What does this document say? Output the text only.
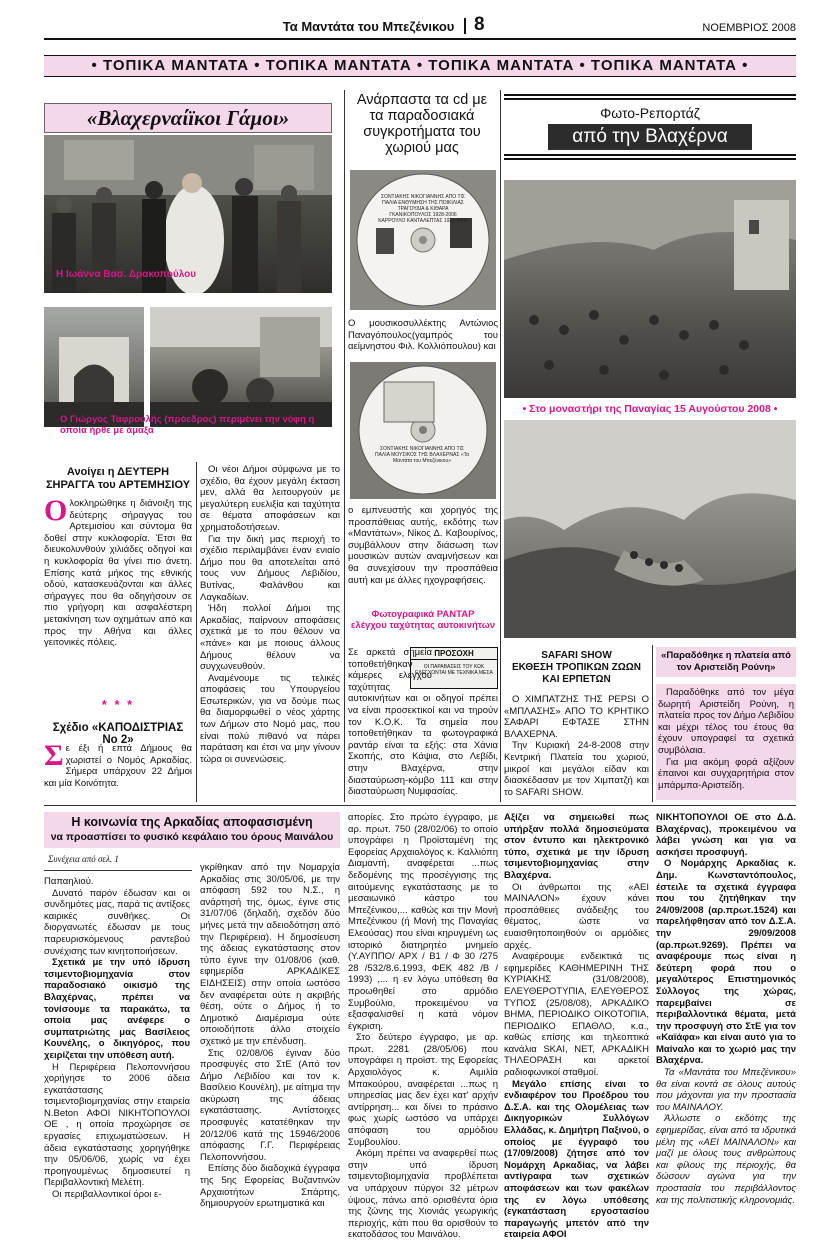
Τα Μαντάτα του Μπεζένικου	8	ΝΟΕΜΒΡΙΟΣ 2008
• ΤΟΠΙΚΑ ΜΑΝΤΑΤΑ • ΤΟΠΙΚΑ ΜΑΝΤΑΤΑ • ΤΟΠΙΚΑ ΜΑΝΤΑΤΑ • ΤΟΠΙΚΑ ΜΑΝΤΑΤΑ •
«Βλαχερναίϊκοι Γάμοι»
Η Ιωάννα Βασ. Δρακοπούλου
Ο Γιώργος Ταφρουλής (πρόεδρος) περιμένει την νύφη η οποία ήρθε με άμαξα
Ανάρπαστα τα cd με τα παραδοσιακά συγκροτήματα του χωριού μας
ΣΟΝΤΙΑΚΗΣ ΝΙΚΟΓΙΑΝΝΗΣ ΑΠΟ ΤΙΣ ΠΑΛΙΑ ΕΝΘΥΜΗΣΗ ΤΗΣ ΠΟΙΚΙΛΙΑΣ ΤΡΑΓΟΥΔΙΑ & ΚΙΘΑΡΑ ΓΚΑΝΙΚΟΠΟΥΛΟΣ 1928-2006 ΚΑΡΡΟΥΛΟ ΚΑΝΤΑΛΕΠΤΑΣ 1931-2006
Ο μουσικοσυλλέκτης Αντώνιος Παναγόπουλος(γαμπρός του αείμνηστου Φιλ. Κολλιόπουλου) και
ΣΟΝΤΙΑΚΗΣ ΝΙΚΟΓΙΑΝΝΗΣ ΑΠΟ ΤΙΣ ΠΑΛΙΑ ΜΟΥΣΙΚΟΣ ΤΗΣ ΒΛΑΧΕΡΝΑΣ «Τα Μαντάτα του Μπεζένικου»
ο εμπνευστής και χορηγός της προσπάθειας αυτής, εκδότης των «Μαντάτων», Νίκος Δ. Καβουρίνος, συμβάλλουν στην διάσωση των μουσικών αυτών αναμνήσεων και θα συνεχίσουν την προσπάθεια αυτή και με άλλες ηχογραφήσεις.
Φωτο-Ρεπορτάζ
από την Βλαχέρνα
• Στο μοναστήρι της Παναγίας 15 Αυγούστου 2008 •
Ανοίγει η ΔΕΥΤΕΡΗ
ΣΗΡΑΓΓΑ του ΑΡΤΕΜΗΣΙΟΥ
Ολοκληρώθηκε η διάνοιξη της δεύτερης σήραγγας του Αρτεμισίου και σύντομα θα δοθεί στην κυκλοφορία. Έτσι θα διευκολυνθούν χιλιάδες οδηγοί και η κυκλοφορία θα γίνει πιο άνετη. Επίσης κατά μήκος της εθνικής οδού, κατασκευάζονται και άλλες σήραγγες που θα οδηγήσουν σε πιο γρήγορη και ασφαλέστερη μετακίνηση των οχημάτων από και προς την Αθήνα και άλλες γειτονικές πόλεις.
* * *
Σχέδιο «ΚΑΠΟΔΙΣΤΡΙΑΣ Νο 2»
Σε έξι ή επτά Δήμους θα χωριστεί ο Νομός Αρκαδίας. Σήμερα υπάρχουν 22 Δήμοι και μία Κοινότητα.

Οι νέοι Δήμοι σύμφωνα με το σχέδιο, θα έχουν μεγάλη έκταση μεν, αλλά θα λειτουργούν με μεγαλύτερη ευελιξία και ταχύτητα σε θέματα αποφάσεων και χρηματοδοτήσεων.

Για την δική μας περιοχή το σχέδιο περιλαμβάνει έναν ενιαίο Δήμο που θα αποτελείται από τους νυν Δήμους Λεβιδίου, Βυτίνας, Φαλάνθου και Λαγκαδίων.

Ήδη πολλοί Δήμοι της Αρκαδίας, παίρνουν αποφάσεις σχετικά με το που θέλουν να «πάνε» και με ποιους άλλους Δήμους θέλουν να συγχωνευθούν.

Αναμένουμε τις τελικές αποφάσεις του Υπουργείου Εσωτερικών, για να δούμε πως θα διαμορφωθεί ο νέος χάρτης των Δήμων στο Νομό μας, που είναι πολύ πιθανό να πάρει παράταση και έτσι να μην γίνουν τώρα οι συνενώσεις.

Φωτογραφικά ΡΑΝΤΑΡ
ελέγχου ταχύτητας αυτοκινήτων
ΠΡΟΣΟΧΗ
ΟΙ ΠΑΡΑΒΑΣΕΙΣ ΤΟΥ ΚΩΚ ΕΛΕΓΧΟΝΤΑΙ ΜΕ ΤΕΧΝΙΚΑ ΜΕΣΑ
Σε αρκετά σημεία τοποθετήθηκαν κάμερες ελέγχου ταχύτητας αυτοκινήτων και οι οδηγοί πρέπει να είναι προσεκτικοί και να τηρούν τον Κ.Ο.Κ. Τα σημεία που τοποθετήθηκαν τα φωτογραφικά ραντάρ είναι τα εξής: στα Χάνια Σκοπής, στο Κάψια, στο Λεβίδι, στην Βλαχέρνα, στην διασταύρωση-κόμβο 111 και στην διασταύρωση Νυμφασίας.
SAFARI SHOW
ΕΚΘΕΣΗ ΤΡΟΠΙΚΩΝ ΖΩΩΝ
ΚΑΙ ΕΡΠΕΤΩΝ

Ο ΧΙΜΠΑΤΖΗΣ ΤΗΣ PEPSI Ο «ΜΠΛΑΣΗΣ» ΑΠΟ ΤΟ ΚΡΗΤΙΚΟ ΣΑΦΑΡΙ ΕΦΤΑΣΕ ΣΤΗΝ ΒΛΑΧΕΡΝΑ.

Την Κυριακή 24-8-2008 στην Κεντρική Πλατεία του χωριού, μικροί και μεγάλοι είδαν και διασκέδασαν με τον Χιμπατζή και το SAFARI SHOW.

«Παραδόθηκε η πλατεία από
τον Αριστείδη Ρούνη»

Παραδόθηκε από τον μέγα δωρητή Αριστείδη Ρούνη, η πλατεία προς τον Δήμο Λεβιδίου και μέχρι τέλος του έτους θα έχουν υπογραφεί τα σχετικά συμβόλαια.

Για μια ακόμη φορά αξίζουν έπαινοι και συγχαρητήρια στον μπάρμπα-Αριστείδη.

Η κοινωνία της Αρκαδίας αποφασισμένη
να προασπίσει το φυσικό κεφάλαιο του όρους Μαινάλου
Συνέχεια από σελ. 1

Παπαηλιού.

Δυνατό παρόν έδωσαν και οι συνδημότες μας, παρά τις αντίξοες καιρικές συνθήκες. Οι διοργανωτές έδωσαν με τους παρευρισκόμενους ραντεβού συνέχισης των κινητοποιήσεων.

Σχετικά με την υπό ίδρυση τσιμεντοβιομηχανία στον παραδοσιακό οικισμό της Βλαχέρνας, πρέπει να τονίσουμε τα παρακάτω, τα οποία μας ανέφερε ο συμπατριώτης μας Βασίλειος Κουνέλης, ο δικηγόρος, που χειρίζεται την υπόθεση αυτή.

Η Περιφέρεια Πελοποννήσου χορήγησε το 2006 άδεια εγκατάστασης τσιμεντοβιομηχανίας στην εταιρεία N.Beton ΑΦΟΙ ΝΙΚΗΤΟΠΟΥΛΟΙ ΟΕ , η οποία προχώρησε σε εργασίες επιχωματώσεων. Η άδεια εγκατάστασης χορηγήθηκε την 05/06/06, χωρίς να έχει προηγουμένως δημοσιευτεί η Περιβαλλοντική Μελέτη.

Οι περιβαλλοντικοί όροι ε-

γκρίθηκαν από την Νομαρχία Αρκαδίας στις 30/05/06, με την απόφαση 592 του Ν.Σ., η ανάρτησή της, όμως, έγινε στις 31/07/06 (δηλαδή, σχεδόν δύο μήνες μετά την αδειοδότηση από την Περιφέρεια). Η δημοσίευση της άδειας εγκατάστασης στον τύπο έγινε την 01/08/06 (καθ. εφημερίδα ΑΡΚΑΔΙΚΕΣ ΕΙΔΗΣΕΙΣ) στην οποία ωστόσο δεν αναφέρεται ούτε η ακριβής θέση, ούτε ο Δήμος ή το Δημοτικό Διαμέρισμα ούτε οποιοδήποτε άλλο στοιχείο σχετικό με την επένδυση.

Στις 02/08/06 έγιναν δύο προσφυγές στο ΣτΕ (Από τον Δήμο Λεβιδίου και τον κ. Βασίλειο Κουνέλη), με αίτημα την ακύρωση της άδειας εγκατάστασης. Αντίστοιχες προσφυγές κατατέθηκαν την 20/12/06 κατά της 15946/2006 απόφασης Γ.Γ. Περιφέρειας Πελοποννήσου.

Επίσης δύο διαδοχικά έγγραφα της 5ης Εφορείας Βυζαντινών Αρχαιοτήτων Σπάρτης, δημιουργούν ερωτηματικά και

απορίες. Στο πρώτο έγγραφο, με αρ. πρωτ. 750 (28/02/06) το οποίο υπογράφει η Προϊσταμένη της Εφορείας Αρχαιολόγος κ. Καλλιόπη Διαμαντή, αναφέρεται ...πως δεδομένης της προσέγγισης της αιτούμενης εγκατάστασης με το μεσαιωνικό κάστρο του Μπεζένικου,... καθώς και την Μονή Μπεζένικου (ή Μονή της Παναγίας Ελεούσας) που είναι κηρυγμένη ως ιστορικό διατηρητέο μνημείο (Υ.ΑΥΠΠΟ/ ΑΡΧ / Β1 / Φ 30 /275 28 /532/8.6.1993, ΦΕΚ 482 /Β / 1993) ,... η εν λόγω υπόθεση θα προωθηθεί στο αρμόδιο Συμβούλιο, προκειμένου να εξασφαλισθεί η κατά νόμον έγκριση.

Στο δεύτερο έγγραφο, με αρ. πρωτ. 2281 (28/05/06) που υπογράφει η προϊστ. της Εφορείας Αρχαιολόγος κ. Αιμιλία Μπακούρου, αναφέρεται ...πως η υπηρεσίας μας δεν έχει κατ' αρχήν αντίρρηση... και δίνει το πράσινο φως χωρίς ωστόσο να υπάρχει απόφαση του αρμόδιου Συμβουλίου.

Ακόμη πρέπει να αναφερθεί πως στην υπό ίδρυση τσιμεντοβιομηχανία προβλέπεται να υπάρχουν πύργοι 32 μέτρων ύψους, πάνω από ορισθέντα όρια της ζώνης της Χιονιάς γεωργικής περιοχής, κάτι που θα ορισθούν το εκατοδάσος του Μαινάλου.

Αξίζει να σημειωθεί πως υπήρξαν πολλά δημοσιεύματα στον έντυπο και ηλεκτρονικό τύπο, σχετικά με την ίδρυση τσιμεντοβιομηχανίας στην Βλαχέρνα.

Οι άνθρωποι της «ΑΕΙ ΜΑΙΝΑΛΟΝ» έχουν κάνει προσπάθειες ανάδειξης του θέματος, ώστε να ευαισθητοποιηθούν οι αρμόδιες αρχές.

Αναφέρουμε ενδεικτικά τις εφημερίδες ΚΑΘΗΜΕΡΙΝΗ ΤΗΣ ΚΥΡΙΑΚΗΣ (31/08/2008), ΕΛΕΥΘΕΡΟΤΥΠΙΑ, ΕΛΕΥΘΕΡΟΣ ΤΥΠΟΣ (25/08/08), ΑΡΚΑΔΙΚΟ ΒΗΜΑ, ΠΕΡΙΟΔΙΚΟ ΟΙΚΟΤΟΠΙΑ, ΠΕΡΙΟΔΙΚΟ ΕΠΑΘΛΟ, κ.α., καθώς επίσης και τηλεοπτικά κανάλια SKAI, NET, ΑΡΚΑΔΙΚΗ ΤΗΛΕΟΡΑΣΗ και αρκετοί ραδιοφωνικοί σταθμοί.

Μεγάλο επίσης είναι το ενδιαφέρον του Προέδρου του Δ.Σ.Α. και της Ολομέλειας των Δικηγορικών Συλλόγων Ελλάδας, κ. Δημήτρη Παξινού, ο οποίος με έγγραφό του (17/09/2008) ζήτησε από τον Νομάρχη Αρκαδίας, να λάβει αντίγραφα των σχετικών αποφάσεων και των φακέλων της εν λόγω υπόθεσης (εγκατάσταση εργοστασίου παραγωγής μπετόν από την εταιρεία ΑΦΟΙ

ΝΙΚΗΤΟΠΟΥΛΟΙ ΟΕ στο Δ.Δ. Βλαχέρνας), προκειμένου να λάβει γνώση και για να ασκήσει προσφυγή.

Ο Νομάρχης Αρκαδίας κ. Δημ. Κωνσταντόπουλος, έστειλε τα σχετικά έγγραφα που του ζητήθηκαν την 24/09/2008 (αρ.πρωτ.1524) και παρελήφθησαν από τον Δ.Σ.Α. την 29/09/2008 (αρ.πρωτ.9269). Πρέπει να αναφέρουμε πως είναι η δεύτερη φορά που ο μεγαλύτερος Επιστημονικός Σύλλογος της χώρας, παρεμβαίνει σε περιβαλλοντικά θέματα, μετά την προσφυγή στο ΣτΕ για τον «Καϊάφα» και είναι αυτό για το Μαίναλο και το χωριό μας την Βλαχέρνα.

Τα «Μαντάτα του Μπεζένικου» θα είναι κοντά σε όλους αυτούς που μάχονται για την προστασία του ΜΑΙΝΑΛΟΥ.

Άλλωστε ο εκδότης της εφημερίδας, είναι από τα ιδρυτικά μέλη της «ΑΕΙ ΜΑΙΝΑΛΟΝ» και μαζί με όλους τους ανθρώπους και φίλους της περιοχής, θα δώσουν αγώνα για την προστασία του περιβάλλοντος και της πολιτιστικής κληρονομιάς.
